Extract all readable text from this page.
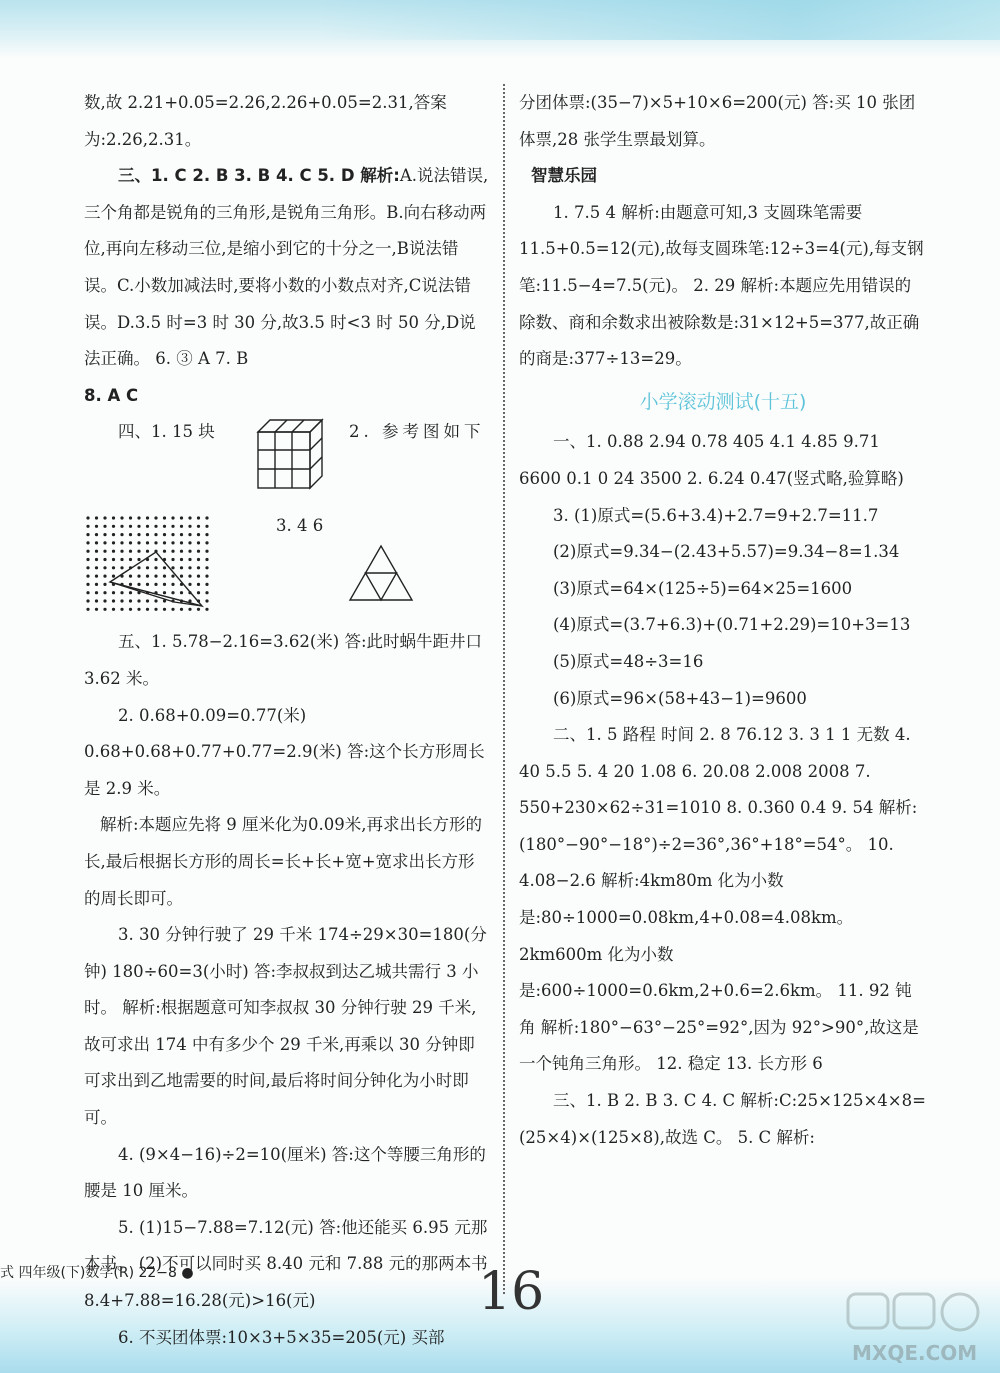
数,故 2.21+0.05=2.26,2.26+0.05=2.31,答案为:2.26,2.31。

三、1. C 2. B 3. B 4. C 5. D 解析:A.说法错误,三个角都是锐角的三角形,是锐角三角形。B.向右移动两位,再向左移动三位,是缩小到它的十分之一,B说法错误。C.小数加减法时,要将小数的小数点对齐,C说法错误。D.3.5 时=3 时 30 分,故3.5 时<3 时 50 分,D说法正确。 6. ③ A 7. B

8. A C

四、1. 15 块	2. 参考图如下
3. 4 6

五、1. 5.78−2.16=3.62(米) 答:此时蜗牛距井口 3.62 米。

2. 0.68+0.09=0.77(米) 0.68+0.68+0.77+0.77=2.9(米) 答:这个长方形周长是 2.9 米。

解析:本题应先将 9 厘米化为0.09米,再求出长方形的长,最后根据长方形的周长=长+长+宽+宽求出长方形的周长即可。

3. 30 分钟行驶了 29 千米 174÷29×30=180(分钟) 180÷60=3(小时) 答:李叔叔到达乙城共需行 3 小时。 解析:根据题意可知李叔叔 30 分钟行驶 29 千米,故可求出 174 中有多少个 29 千米,再乘以 30 分钟即可求出到乙地需要的时间,最后将时间分钟化为小时即可。

4. (9×4−16)÷2=10(厘米) 答:这个等腰三角形的腰是 10 厘米。

5. (1)15−7.88=7.12(元) 答:他还能买 6.95 元那本书。 (2)不可以同时买 8.40 元和 7.88 元的那两本书 8.4+7.88=16.28(元)>16(元)

6. 不买团体票:10×3+5×35=205(元) 买部

分团体票:(35−7)×5+10×6=200(元) 答:买 10 张团体票,28 张学生票最划算。

智慧乐园

1. 7.5 4 解析:由题意可知,3 支圆珠笔需要11.5+0.5=12(元),故每支圆珠笔:12÷3=4(元),每支钢笔:11.5−4=7.5(元)。 2. 29 解析:本题应先用错误的除数、商和余数求出被除数是:31×12+5=377,故正确的商是:377÷13=29。

小学滚动测试(十五)

一、1. 0.88 2.94 0.78 405 4.1 4.85 9.71 6600 0.1 0 24 3500 2. 6.24 0.47(竖式略,验算略)

3. (1)原式=(5.6+3.4)+2.7=9+2.7=11.7

(2)原式=9.34−(2.43+5.57)=9.34−8=1.34

(3)原式=64×(125÷5)=64×25=1600

(4)原式=(3.7+6.3)+(0.71+2.29)=10+3=13

(5)原式=48÷3=16

(6)原式=96×(58+43−1)=9600

二、1. 5 路程 时间 2. 8 76.12 3. 3 1 1 无数 4. 40 5.5 5. 4 20 1.08 6. 20.08 2.008 2008 7. 550+230×62÷31=1010 8. 0.360 0.4 9. 54 解析:(180°−90°−18°)÷2=36°,36°+18°=54°。 10. 4.08−2.6 解析:4km80m 化为小数是:80÷1000=0.08km,4+0.08=4.08km。2km600m 化为小数是:600÷1000=0.6km,2+0.6=2.6km。 11. 92 钝角 解析:180°−63°−25°=92°,因为 92°>90°,故这是一个钝角三角形。 12. 稳定 13. 长方形 6

三、1. B 2. B 3. C 4. C 解析:C:25×125×4×8=(25×4)×(125×8),故选 C。 5. C 解析:

式 四年级(下)数学(R) 22−8 ●	16
MXQE.COM
